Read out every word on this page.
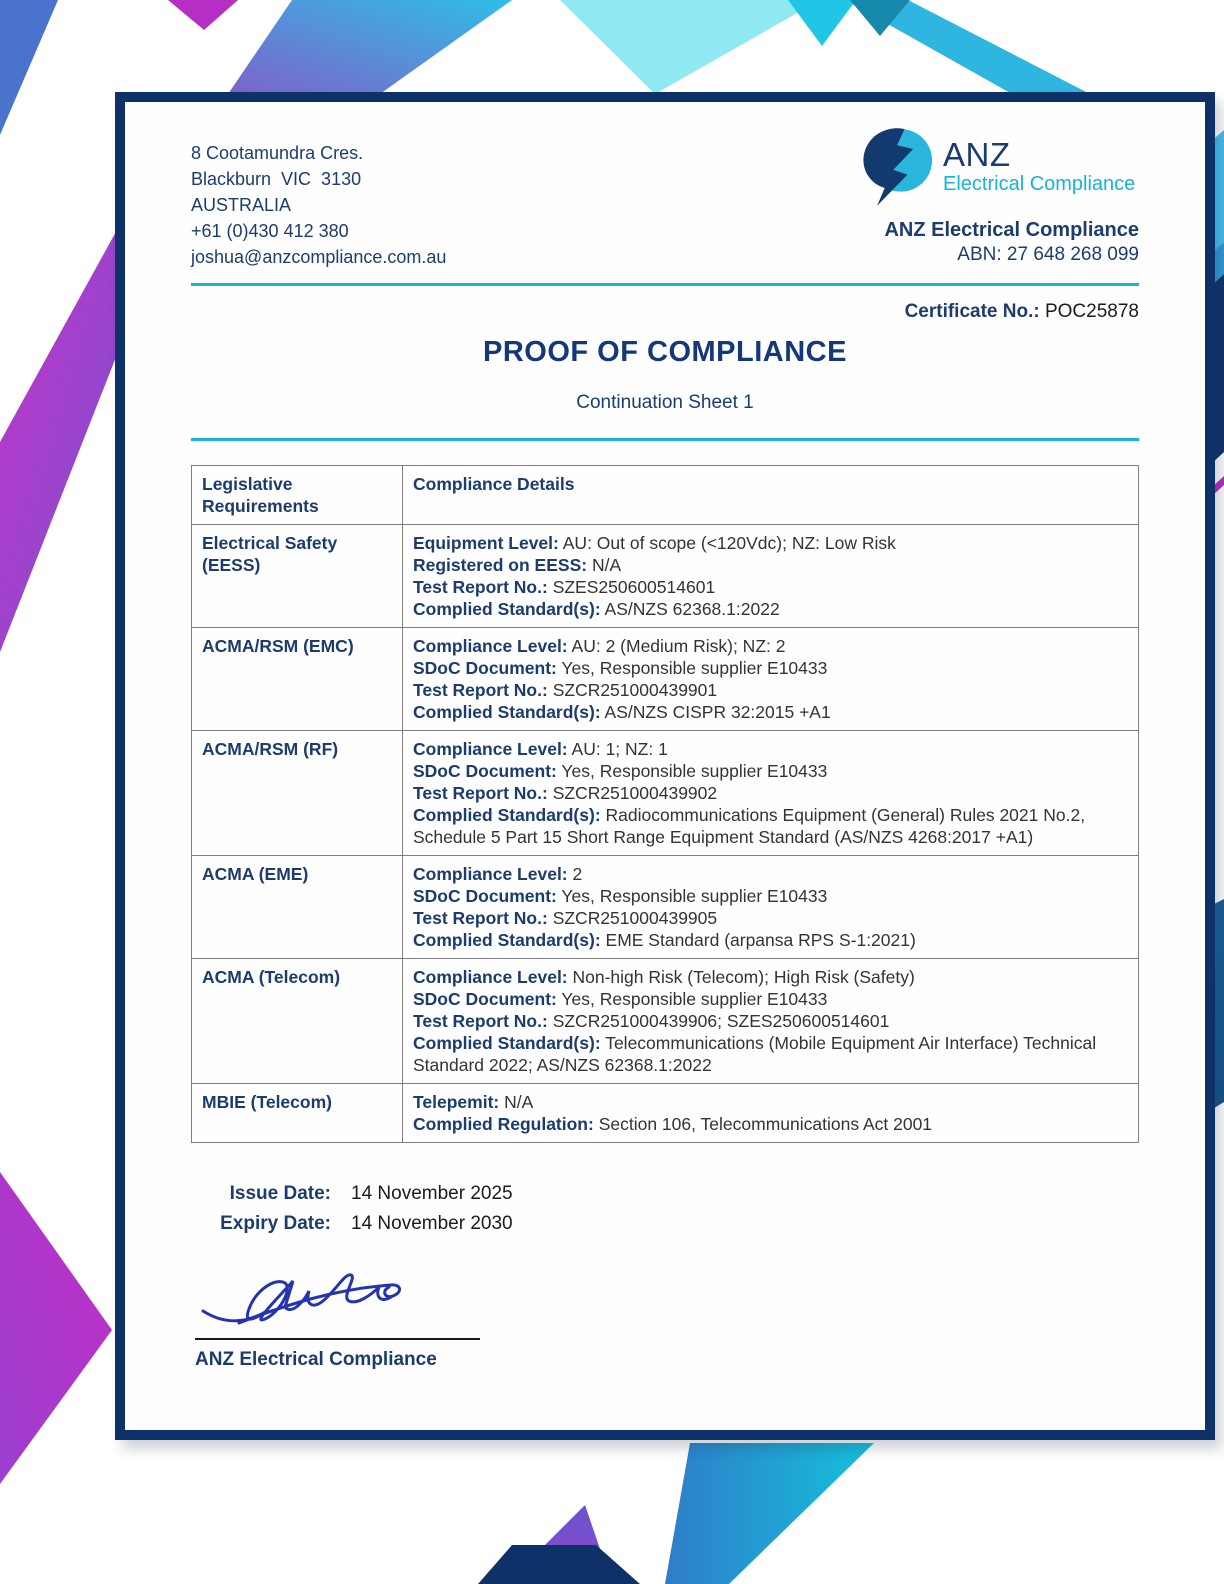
8 Cootamundra Cres.
Blackburn  VIC  3130
AUSTRALIA
+61 (0)430 412 380
joshua@anzcompliance.com.au
ANZ
Electrical Compliance
ANZ Electrical Compliance
ABN: 27 648 268 099
Certificate No.: POC25878
PROOF OF COMPLIANCE
Continuation Sheet 1
Legislative Requirements	Compliance Details
Electrical Safety (EESS)	Equipment Level: AU: Out of scope (<120Vdc); NZ: Low Risk
Registered on EESS: N/A
Test Report No.: SZES250600514601
Complied Standard(s): AS/NZS 62368.1:2022

ACMA/RSM (EMC)	Compliance Level: AU: 2 (Medium Risk); NZ: 2
SDoC Document: Yes, Responsible supplier E10433
Test Report No.: SZCR251000439901
Complied Standard(s): AS/NZS CISPR 32:2015 +A1

ACMA/RSM (RF)	Compliance Level: AU: 1; NZ: 1
SDoC Document: Yes, Responsible supplier E10433
Test Report No.: SZCR251000439902
Complied Standard(s): Radiocommunications Equipment (General) Rules 2021 No.2, Schedule 5 Part 15 Short Range Equipment Standard (AS/NZS 4268:2017 +A1)

ACMA (EME)	Compliance Level: 2
SDoC Document: Yes, Responsible supplier E10433
Test Report No.: SZCR251000439905
Complied Standard(s): EME Standard (arpansa RPS S-1:2021)

ACMA (Telecom)	Compliance Level: Non-high Risk (Telecom); High Risk (Safety)
SDoC Document: Yes, Responsible supplier E10433
Test Report No.: SZCR251000439906; SZES250600514601
Complied Standard(s): Telecommunications (Mobile Equipment Air Interface) Technical Standard 2022; AS/NZS 62368.1:2022

MBIE (Telecom)	Telepemit: N/A
Complied Regulation: Section 106, Telecommunications Act 2001
Issue Date: 14 November 2025
Expiry Date: 14 November 2030
ANZ Electrical Compliance
